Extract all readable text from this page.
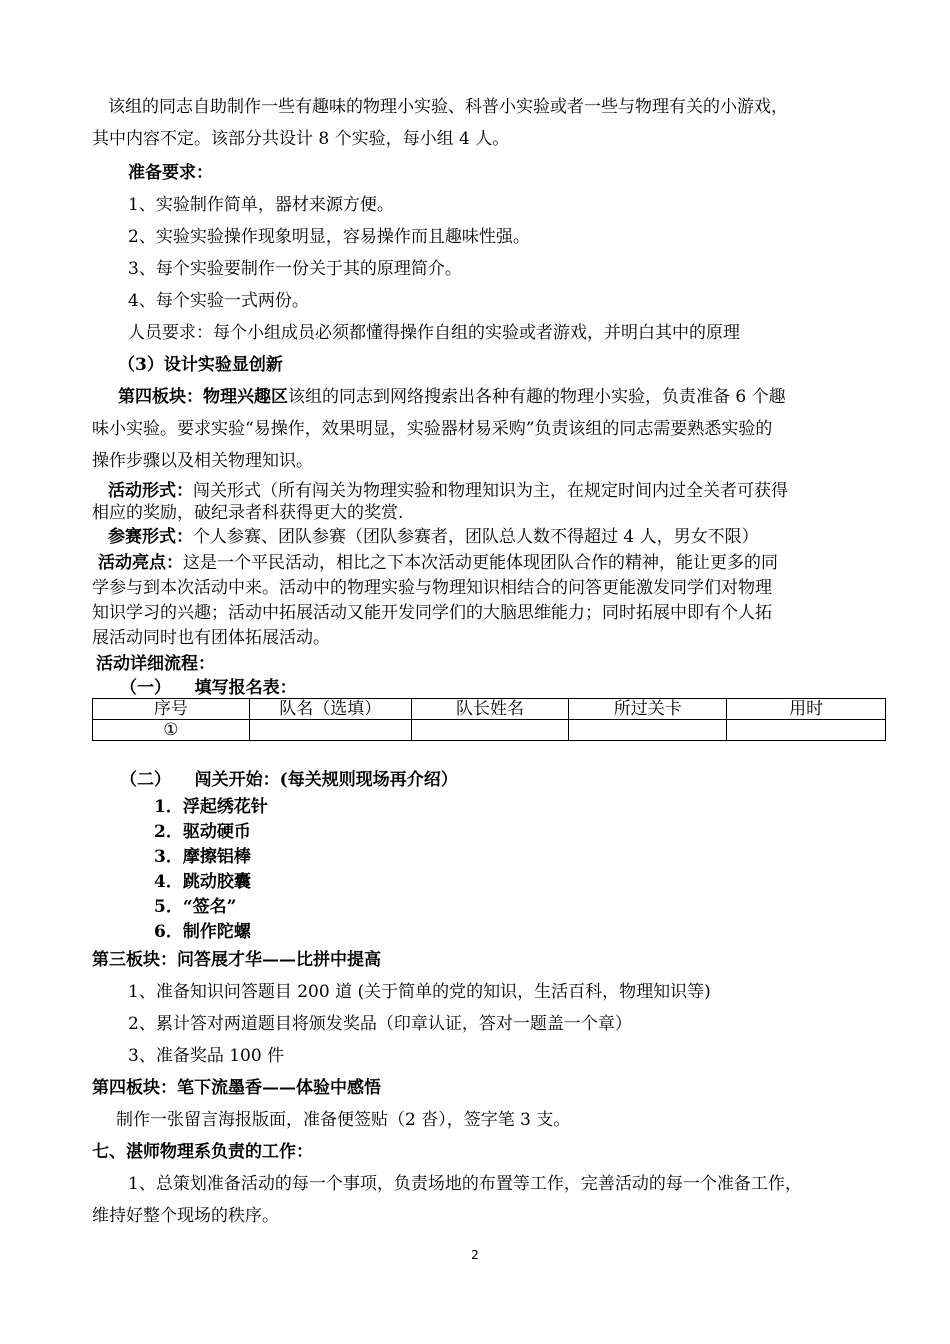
该组的同志自助制作一些有趣味的物理小实验、科普小实验或者一些与物理有关的小游戏，
其中内容不定。该部分共设计 8 个实验，每小组 4 人。
准备要求：
1、实验制作简单，器材来源方便。
2、实验实验操作现象明显，容易操作而且趣味性强。
3、每个实验要制作一份关于其的原理简介。
4、每个实验一式两份。
人员要求：每个小组成员必须都懂得操作自组的实验或者游戏，并明白其中的原理
（3）设计实验显创新
第四板块：物理兴趣区该组的同志到网络搜索出各种有趣的物理小实验，负责准备 6 个趣
味小实验。要求实验“易操作，效果明显，实验器材易采购”负责该组的同志需要熟悉实验的
操作步骤以及相关物理知识。
活动形式：闯关形式（所有闯关为物理实验和物理知识为主，在规定时间内过全关者可获得
相应的奖励，破纪录者科获得更大的奖赏.
参赛形式：个人参赛、团队参赛（团队参赛者，团队总人数不得超过 4 人，男女不限）
活动亮点：这是一个平民活动，相比之下本次活动更能体现团队合作的精神，能让更多的同
学参与到本次活动中来。活动中的物理实验与物理知识相结合的问答更能激发同学们对物理
知识学习的兴趣；活动中拓展活动又能开发同学们的大脑思维能力；同时拓展中即有个人拓
展活动同时也有团体拓展活动。
活动详细流程：
（一）    填写报名表：
序号	队名（选填）	队长姓名	所过关卡	用时
①				
（二）    闯关开始：(每关规则现场再介绍）
1．浮起绣花针
2．驱动硬币
3．摩擦铝棒
4．跳动胶囊
5．“签名”
6．制作陀螺
第三板块：问答展才华——比拼中提高
1、准备知识问答题目 200 道 (关于简单的党的知识，生活百科，物理知识等)
2、累计答对两道题目将颁发奖品（印章认证，答对一题盖一个章）
3、准备奖品 100 件
第四板块：笔下流墨香——体验中感悟
制作一张留言海报版面，准备便签贴（2 沓），签字笔 3 支。
七、湛师物理系负责的工作：
1、总策划准备活动的每一个事项，负责场地的布置等工作，完善活动的每一个准备工作，
维持好整个现场的秩序。
2
